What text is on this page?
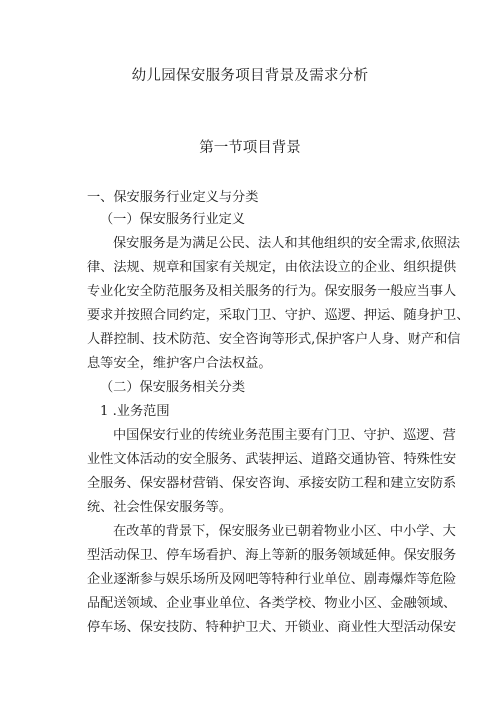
幼儿园保安服务项目背景及需求分析
第一节项目背景
一、保安服务行业定义与分类
（一）保安服务行业定义
保安服务是为满足公民、法人和其他组织的安全需求,依照法
律、法规、规章和国家有关规定，由依法设立的企业、组织提供
专业化安全防范服务及相关服务的行为。保安服务一般应当事人
要求并按照合同约定，采取门卫、守护、巡逻、押运、随身护卫、
人群控制、技术防范、安全咨询等形式,保护客户人身、财产和信
息等安全，维护客户合法权益。
（二）保安服务相关分类
1 .业务范围
中国保安行业的传统业务范围主要有门卫、守护、巡逻、营
业性文体活动的安全服务、武装押运、道路交通协管、特殊性安
全服务、保安器材营销、保安咨询、承接安防工程和建立安防系
统、社会性保安服务等。
在改革的背景下，保安服务业已朝着物业小区、中小学、大
型活动保卫、停车场看护、海上等新的服务领域延伸。保安服务
企业逐渐参与娱乐场所及网吧等特种行业单位、剧毒爆炸等危险
品配送领域、企业事业单位、各类学校、物业小区、金融领域、
停车场、保安技防、特种护卫犬、开锁业、商业性大型活动保安
